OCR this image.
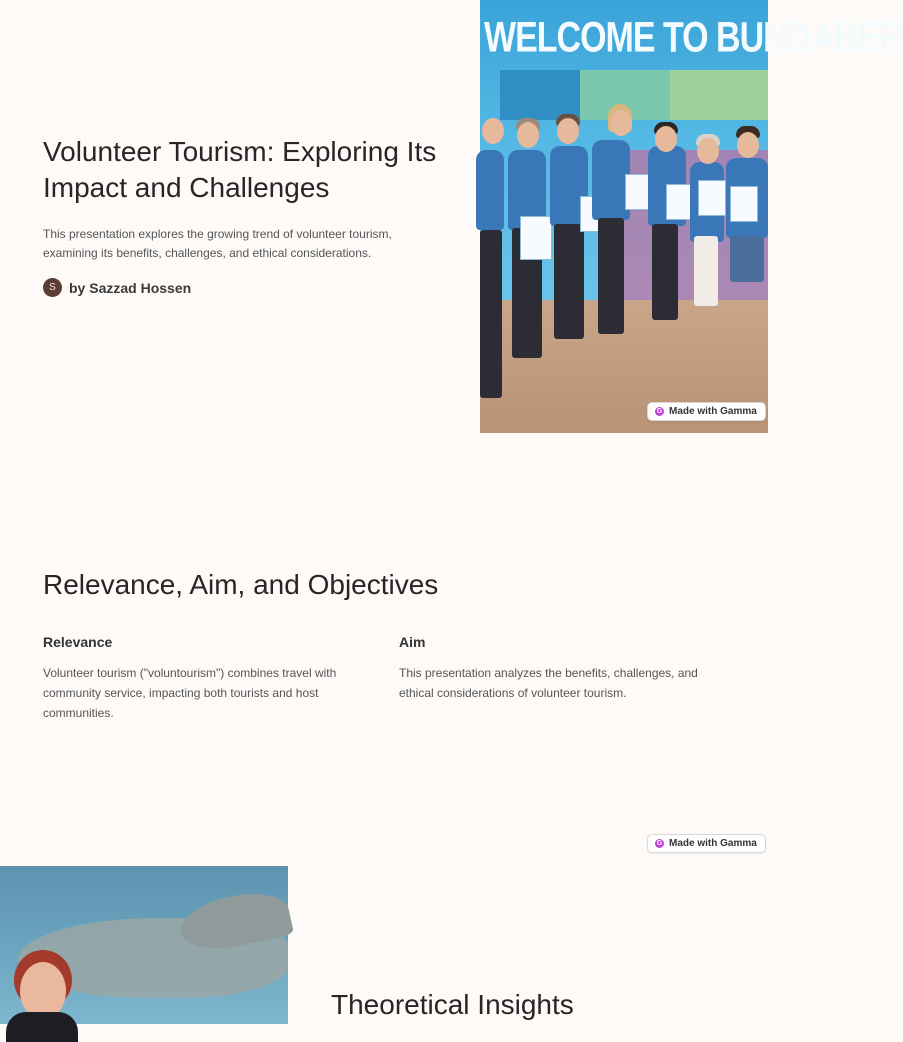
Volunteer Tourism: Exploring Its Impact and Challenges

This presentation explores the growing trend of volunteer tourism, examining its benefits, challenges, and ethical considerations.

S by Sazzad Hossen
WELCOME TO BUNDABER
G Made with Gamma
Relevance, Aim, and Objectives
Relevance

Volunteer tourism ("voluntourism") combines travel with community service, impacting both tourists and host communities.

Aim

This presentation analyzes the benefits, challenges, and ethical considerations of volunteer tourism.

G Made with Gamma
Theoretical Insights
